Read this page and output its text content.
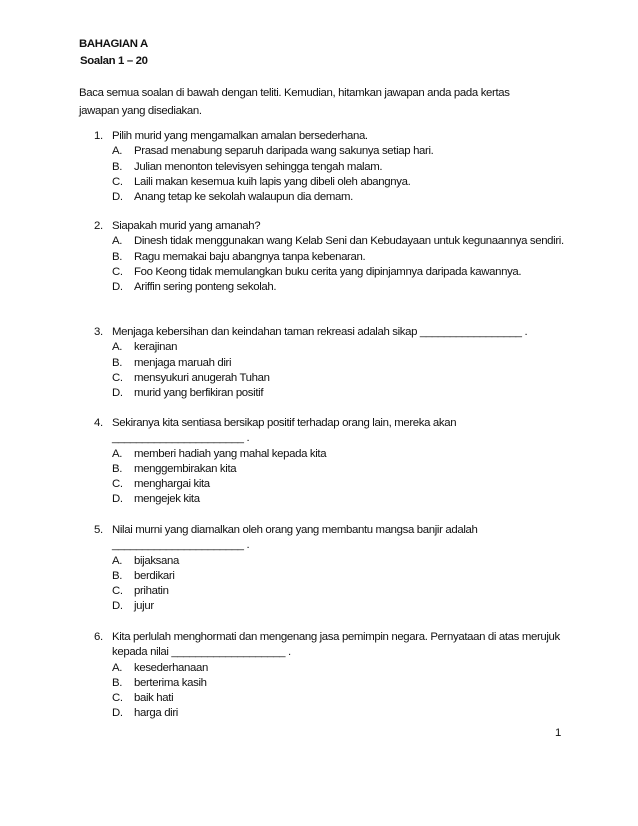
BAHAGIAN A
Soalan 1 – 20
Baca semua soalan di bawah dengan teliti. Kemudian, hitamkan jawapan anda pada kertas jawapan yang disediakan.
1. Pilih murid yang mengamalkan amalan bersederhana.
A.	Prasad menabung separuh daripada wang sakunya setiap hari.
B.	Julian menonton televisyen sehingga tengah malam.
C. Laili makan kesemua kuih lapis yang dibeli oleh abangnya.
D. Anang tetap ke sekolah walaupun dia demam.
2. Siapakah murid yang amanah?
A.	Dinesh tidak menggunakan wang Kelab Seni dan Kebudayaan untuk kegunaannya sendiri.
B.	Ragu memakai baju abangnya tanpa kebenaran.
C. Foo Keong tidak memulangkan buku cerita yang dipinjamnya daripada kawannya.
D. Ariffin sering ponteng sekolah.
3. Menjaga kebersihan dan keindahan taman rekreasi adalah sikap _________________ .
A.	kerajinan
B.	menjaga maruah diri
C. mensyukuri anugerah Tuhan
D. murid yang berfikiran positif
4. Sekiranya kita sentiasa bersikap positif terhadap orang lain, mereka akan ______________________ .
A.	memberi hadiah yang mahal kepada kita
B.	menggembirakan kita
C. menghargai kita
D. mengejek kita
5. Nilai murni yang diamalkan oleh orang yang membantu mangsa banjir adalah ______________________ .
A.	bijaksana
B.	berdikari
C. prihatin
D. jujur
6. Kita perlulah menghormati dan mengenang jasa pemimpin negara. Pernyataan di atas merujuk kepada nilai ___________________ .
A.	kesederhanaan
B.	berterima kasih
C. baik hati
D. harga diri
1
